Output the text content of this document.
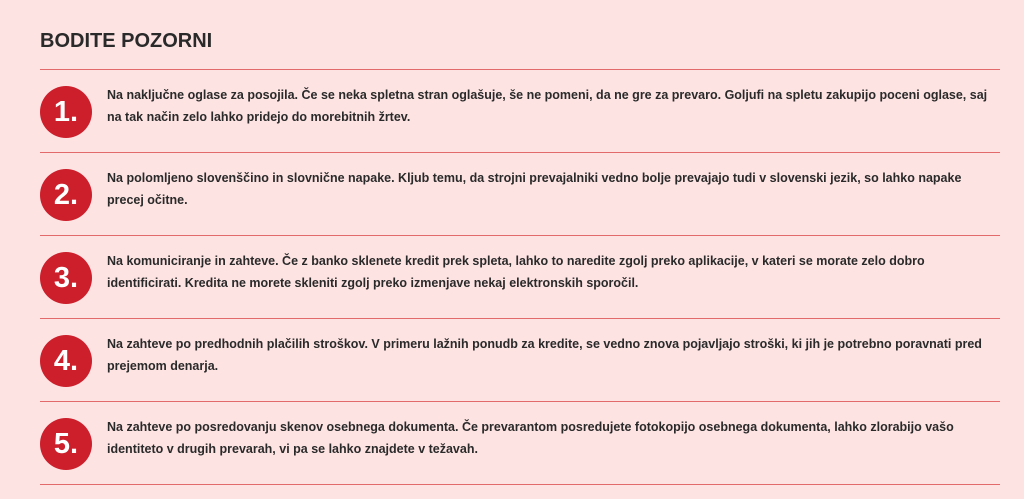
BODITE POZORNI
1.
Na naključne oglase za posojila. Če se neka spletna stran oglašuje, še ne pomeni, da ne gre za prevaro. Goljufi na spletu zakupijo poceni oglase, saj na tak način zelo lahko pridejo do morebitnih žrtev.
2.
Na polomljeno slovenščino in slovnične napake. Kljub temu, da strojni prevajalniki vedno bolje prevajajo tudi v slovenski jezik, so lahko napake precej očitne.
3.
Na komuniciranje in zahteve. Če z banko sklenete kredit prek spleta, lahko to naredite zgolj preko aplikacije, v kateri se morate zelo dobro identificirati. Kredita ne morete skleniti zgolj preko izmenjave nekaj elektronskih sporočil.
4.
Na zahteve po predhodnih plačilih stroškov. V primeru lažnih ponudb za kredite, se vedno znova pojavljajo stroški, ki jih je potrebno poravnati pred prejemom denarja.
5.
Na zahteve po posredovanju skenov osebnega dokumenta. Če prevarantom posredujete fotokopijo osebnega dokumenta, lahko zlorabijo vašo identiteto v drugih prevarah, vi pa se lahko znajdete v težavah.
